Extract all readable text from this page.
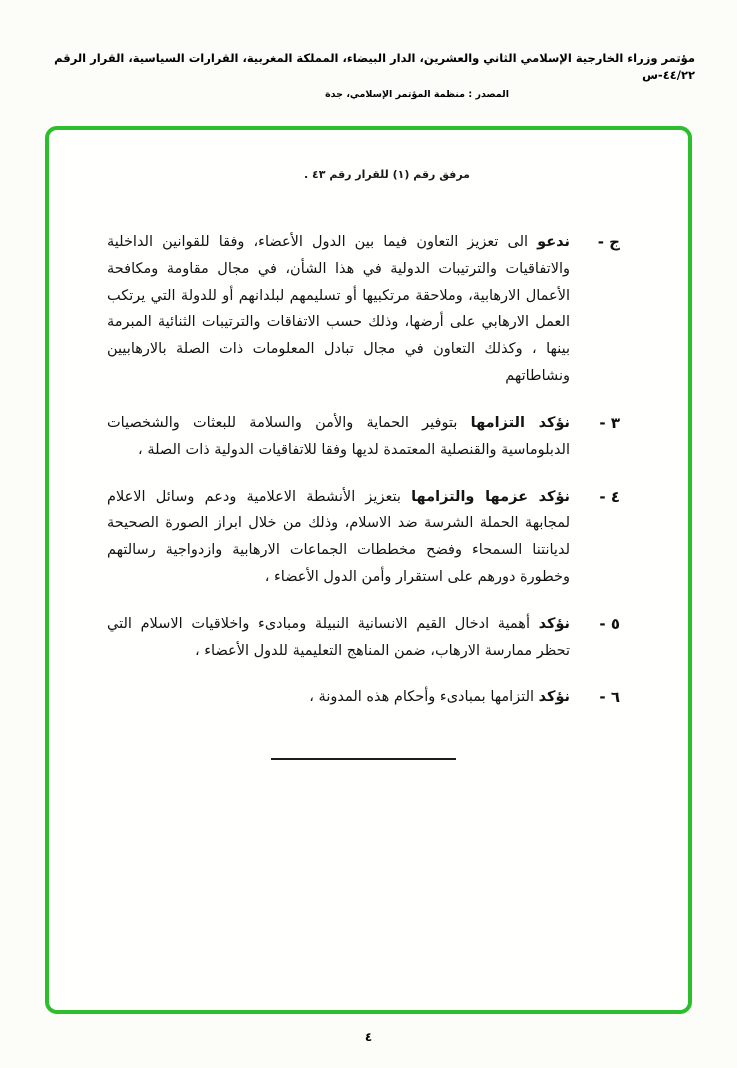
مؤتمر وزراء الخارجية الإسلامي الثاني والعشرين، الدار البيضاء، المملكة المغربية، القرارات السياسية، القرار الرقم ٤٤/٢٢-س
المصدر : منظمة المؤتمر الإسلامي، جدة
مرفق رقم (١) للقرار رقم ٤٣ .
ج -
ندعو الى تعزيز التعاون فيما بين الدول الأعضاء، وفقا للقوانين الداخلية والاتفاقيات والترتيبات الدولية في هذا الشأن، في مجال مقاومة ومكافحة الأعمال الارهابية، وملاحقة مرتكبيها أو تسليمهم لبلدانهم أو للدولة التي يرتكب العمل الارهابي على أرضها، وذلك حسب الاتفاقات والترتيبات الثنائية المبرمة بينها ، وكذلك التعاون في مجال تبادل المعلومات ذات الصلة بالارهابيين ونشاطاتهم
٣ -
نؤكد التزامها بتوفير الحماية والأمن والسلامة للبعثات والشخصيات الدبلوماسية والقنصلية المعتمدة لديها وفقا للاتفاقيات الدولية ذات الصلة ،
٤ -
نؤكد عزمها والتزامها بتعزيز الأنشطة الاعلامية ودعم وسائل الاعلام لمجابهة الحملة الشرسة ضد الاسلام، وذلك من خلال ابراز الصورة الصحيحة لديانتنا السمحاء وفضح مخططات الجماعات الارهابية وازدواجية رسالتهم وخطورة دورهم على استقرار وأمن الدول الأعضاء ،
٥ -
نؤكد أهمية ادخال القيم الانسانية النبيلة ومبادىء واخلاقيات الاسلام التي تحظر ممارسة الارهاب، ضمن المناهج التعليمية للدول الأعضاء ،
٦ -
نؤكد التزامها بمبادىء وأحكام هذه المدونة ،
٤
